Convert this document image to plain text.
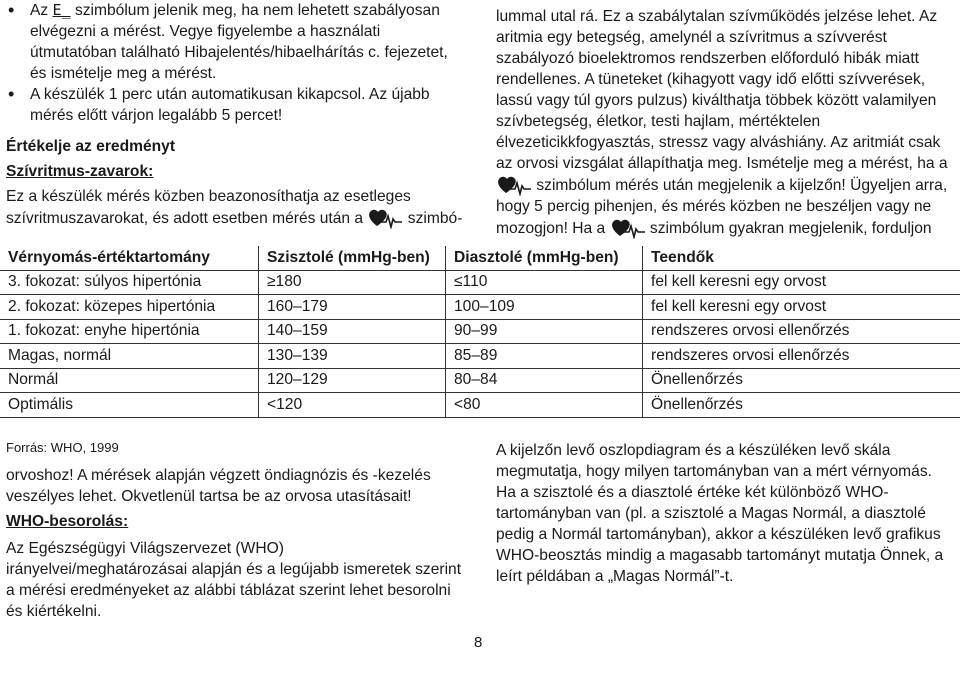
• Az E_ szimbólum jelenik meg, ha nem lehetett szabályosan elvégezni a mérést. Vegye figyelembe a használati útmutatóban található Hibajelentés/hibaelhárítás c. fejezetet, és ismételje meg a mérést.

• A készülék 1 perc után automatikusan kikapcsol. Az újabb mérés előtt várjon legalább 5 percet!

Értékelje az eredményt

Szívritmus-zavarok:

Ez a készülék mérés közben beazonosíthatja az esetleges szívritmuszavarokat, és adott esetben mérés után a	szimbó-

lummal utal rá. Ez a szabálytalan szívműködés jelzése lehet. Az aritmia egy betegség, amelynél a szívritmus a szívverést szabályozó bioelektromos rendszerben előforduló hibák miatt rendellenes. A tüneteket (kihagyott vagy idő előtti szívverések, lassú vagy túl gyors pulzus) kiválthatja többek között valamilyen szívbetegség, életkor, testi hajlam, mértéktelen élvezeticikkfogyasztás, stressz vagy alváshiány. Az aritmiát csak az orvosi vizsgálat állapíthatja meg. Ismételje meg a mérést, ha a  szimbólum mérés után megjelenik a kijelzőn! Ügyeljen arra, hogy 5 percig pihenjen, és mérés közben ne beszéljen vagy ne mozogjon! Ha a	szimbólum gyakran megjelenik, forduljon

Vérnyomás-értéktartomány	Szisztolé (mmHg-ben)	Diasztolé (mmHg-ben)	Teendők
3. fokozat: súlyos hipertónia	≥180	≤110	fel kell keresni egy orvost
2. fokozat: közepes hipertónia	160–179	100–109	fel kell keresni egy orvost
1. fokozat: enyhe hipertónia	140–159	90–99	rendszeres orvosi ellenőrzés
Magas, normál	130–139	85–89	rendszeres orvosi ellenőrzés
Normál	120–129	80–84	Önellenőrzés
Optimális	<120	<80	Önellenőrzés
Forrás: WHO, 1999

orvoshoz! A mérések alapján végzett öndiagnózis és -kezelés veszélyes lehet. Okvetlenül tartsa be az orvosa utasításait!

WHO-besorolás:

Az Egészségügyi Világszervezet (WHO) irányelvei/meghatározásai alapján és a legújabb ismeretek szerint a mérési eredményeket az alábbi táblázat szerint lehet besorolni és kiértékelni.

A kijelzőn levő oszlopdiagram és a készüléken levő skála megmutatja, hogy milyen tartományban van a mért vérnyomás. Ha a szisztolé és a diasztolé értéke két különböző WHO-tartományban van (pl. a szisztolé a Magas Normál, a diasztolé pedig a Normál tartományban), akkor a készüléken levő grafikus WHO-beosztás mindig a magasabb tartományt mutatja Önnek, a leírt példában a „Magas Normál”-t.

8
